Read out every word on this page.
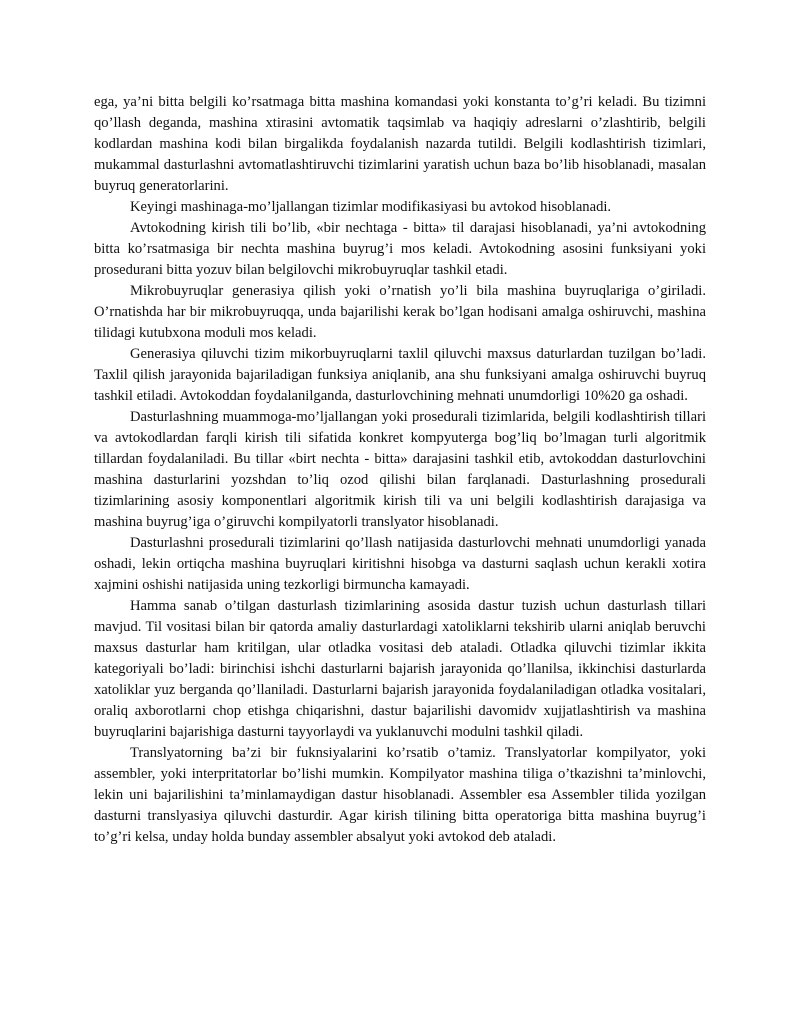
ega, ya’ni bitta belgili ko’rsatmaga bitta mashina komandasi yoki konstanta to’g’ri keladi. Bu tizimni qo’llash deganda, mashina xtirasini avtomatik taqsimlab va haqiqiy adreslarni o’zlashtirib, belgili kodlardan mashina kodi bilan birgalikda foydalanish nazarda tutildi. Belgili kodlashtirish tizimlari, mukammal dasturlashni avtomatlashtiruvchi tizimlarini yaratish uchun baza bo’lib hisoblanadi, masalan buyruq generatorlarini.

Keyingi mashinaga-mo’ljallangan tizimlar modifikasiyasi bu avtokod hisoblanadi.

Avtokodning kirish tili bo’lib, «bir nechtaga - bitta» til darajasi hisoblanadi, ya’ni avtokodning bitta ko’rsatmasiga bir nechta mashina buyrug’i mos keladi. Avtokodning asosini funksiyani yoki prosedurani bitta yozuv bilan belgilovchi mikrobuyruqlar tashkil etadi.

Mikrobuyruqlar generasiya qilish yoki o’rnatish yo’li bila mashina buyruqlariga o’giriladi. O’rnatishda har bir mikrobuyruqqa, unda bajarilishi kerak bo’lgan hodisani amalga oshiruvchi, mashina tilidagi kutubxona moduli mos keladi.

Generasiya qiluvchi tizim mikorbuyruqlarni taxlil qiluvchi maxsus daturlardan tuzilgan bo’ladi. Taxlil qilish jarayonida bajariladigan funksiya aniqlanib, ana shu funksiyani amalga oshiruvchi buyruq tashkil etiladi. Avtokoddan foydalanilganda, dasturlovchining mehnati unumdorligi 10%20 ga oshadi.

Dasturlashning muammoga-mo’ljallangan yoki prosedurali tizimlarida, belgili kodlashtirish tillari va avtokodlardan farqli kirish tili sifatida konkret kompyuterga bog’liq bo’lmagan turli algoritmik tillardan foydalaniladi. Bu tillar «birt nechta - bitta» darajasini tashkil etib, avtokoddan dasturlovchini mashina dasturlarini yozshdan to’liq ozod qilishi bilan farqlanadi. Dasturlashning prosedurali tizimlarining asosiy komponentlari algoritmik kirish tili va uni belgili kodlashtirish darajasiga va mashina buyrug’iga o’giruvchi kompilyatorli translyator hisoblanadi.

Dasturlashni prosedurali tizimlarini qo’llash natijasida dasturlovchi mehnati unumdorligi yanada oshadi, lekin ortiqcha mashina buyruqlari kiritishni hisobga va dasturni saqlash uchun kerakli xotira xajmini oshishi natijasida uning tezkorligi birmuncha kamayadi.

Hamma sanab o’tilgan dasturlash tizimlarining asosida dastur tuzish uchun dasturlash tillari mavjud. Til vositasi bilan bir qatorda amaliy dasturlardagi xatoliklarni tekshirib ularni aniqlab beruvchi maxsus dasturlar ham kritilgan, ular otladka vositasi deb ataladi. Otladka qiluvchi tizimlar ikkita kategoriyali bo’ladi: birinchisi ishchi dasturlarni bajarish jarayonida qo’llanilsa, ikkinchisi dasturlarda xatoliklar yuz berganda qo’llaniladi. Dasturlarni bajarish jarayonida foydalaniladigan otladka vositalari, oraliq axborotlarni chop etishga chiqarishni, dastur bajarilishi davomidv xujjatlashtirish va mashina buyruqlarini bajarishiga dasturni tayyorlaydi va yuklanuvchi modulni tashkil qiladi.

Translyatorning ba’zi bir fuknsiyalarini ko’rsatib o’tamiz. Translyatorlar kompilyator, yoki assembler, yoki interpritatorlar bo’lishi mumkin. Kompilyator mashina tiliga o’tkazishni ta’minlovchi, lekin uni bajarilishini ta’minlamaydigan dastur hisoblanadi. Assembler esa Assembler tilida yozilgan dasturni translyasiya qiluvchi dasturdir. Agar kirish tilining bitta operatoriga bitta mashina buyrug’i to’g’ri kelsa, unday holda bunday assembler absalyut yoki avtokod deb ataladi.
